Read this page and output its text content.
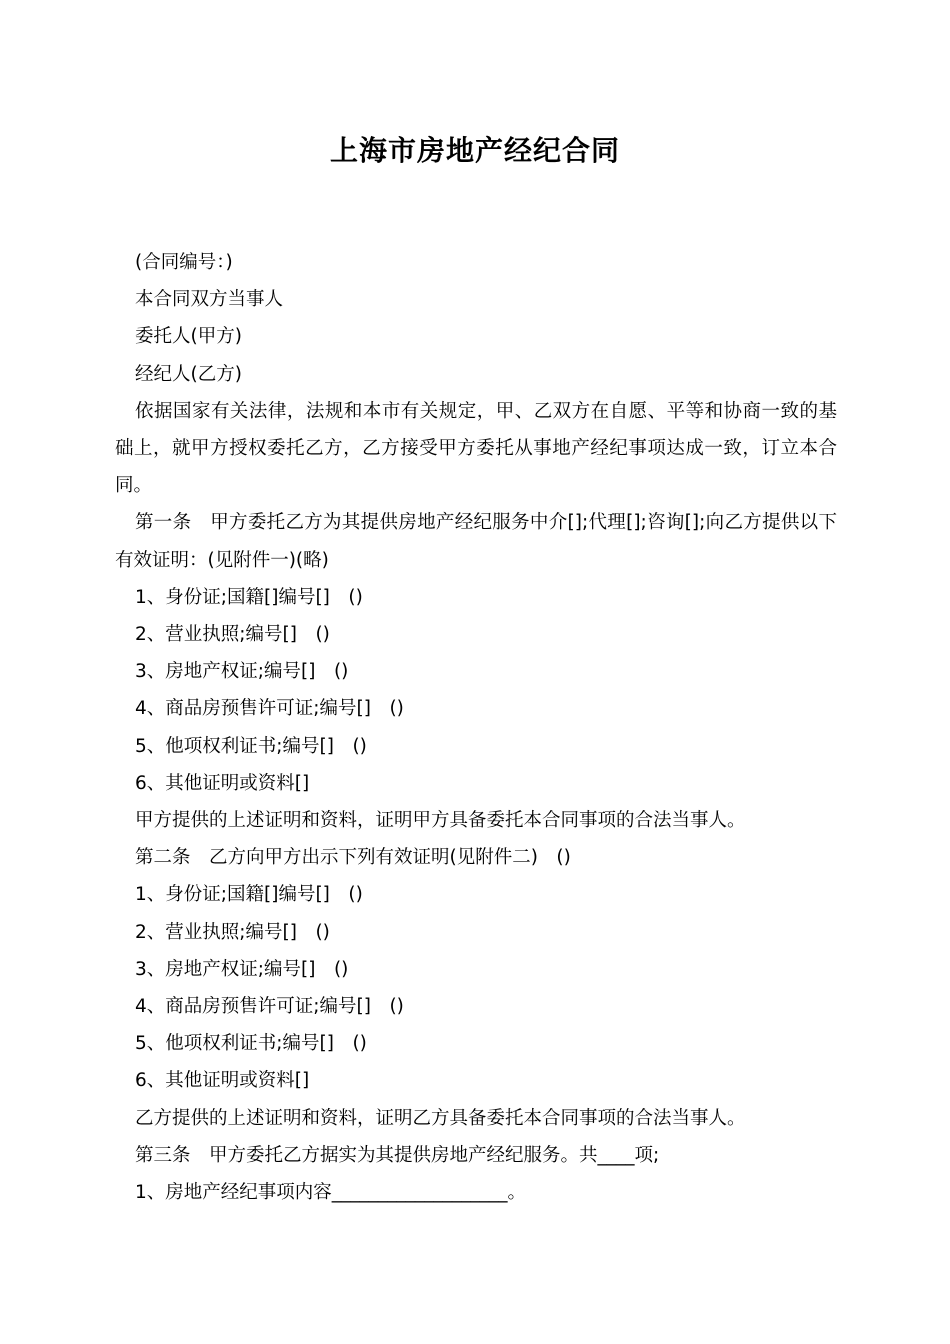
上海市房地产经纪合同

(合同编号：)

本合同双方当事人

委托人(甲方)

经纪人(乙方)

依据国家有关法律，法规和本市有关规定，甲、乙双方在自愿、平等和协商一致的基础上，就甲方授权委托乙方，乙方接受甲方委托从事地产经纪事项达成一致，订立本合同。

第一条　甲方委托乙方为其提供房地产经纪服务中介[];代理[];咨询[];向乙方提供以下有效证明：(见附件一)(略)

1、身份证;国籍[]编号[]　()

2、营业执照;编号[]　()

3、房地产权证;编号[]　()

4、商品房预售许可证;编号[]　()

5、他项权利证书;编号[]　()

6、其他证明或资料[]

甲方提供的上述证明和资料，证明甲方具备委托本合同事项的合法当事人。

第二条　乙方向甲方出示下列有效证明(见附件二)　()

1、身份证;国籍[]编号[]　()

2、营业执照;编号[]　()

3、房地产权证;编号[]　()

4、商品房预售许可证;编号[]　()

5、他项权利证书;编号[]　()

6、其他证明或资料[]

乙方提供的上述证明和资料，证明乙方具备委托本合同事项的合法当事人。

第三条　甲方委托乙方据实为其提供房地产经纪服务。共____项;

1、房地产经纪事项内容___________________。
